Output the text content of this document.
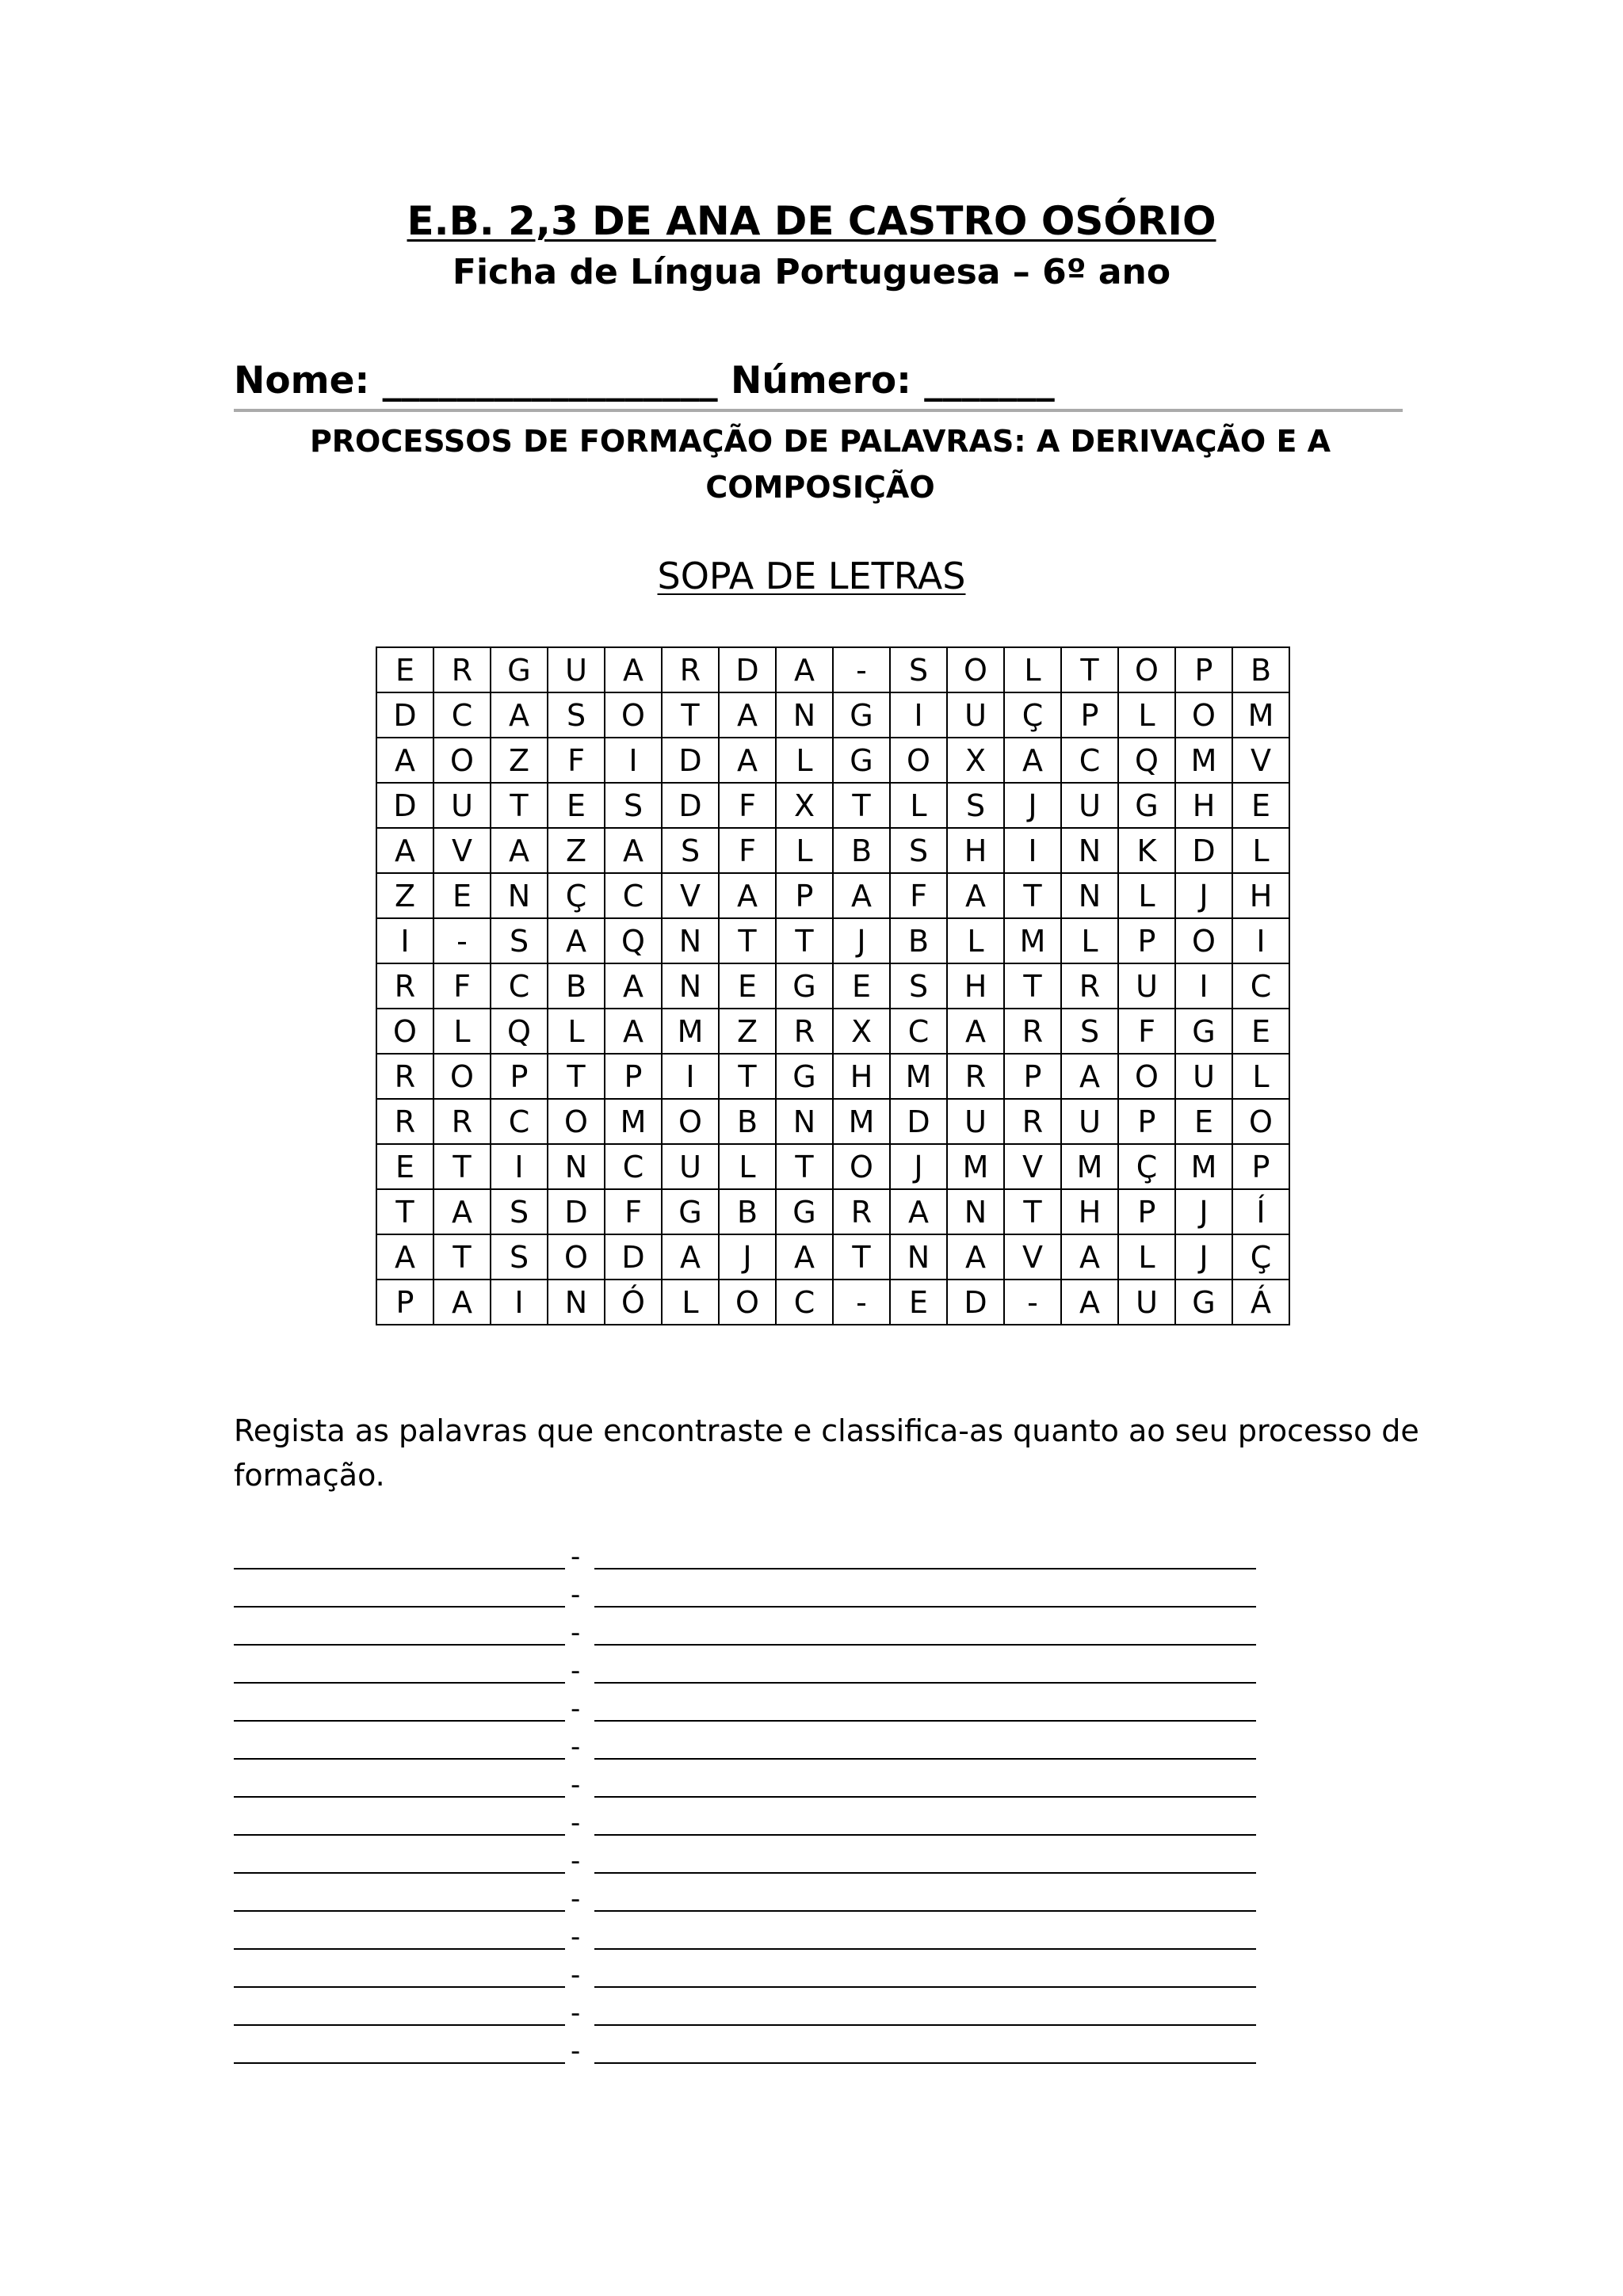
E.B. 2,3 DE ANA DE CASTRO OSÓRIO
Ficha de Língua Portuguesa – 6º ano
Nome: __________________ Número: _______
PROCESSOS DE FORMAÇÃO DE PALAVRAS: A DERIVAÇÃO E A COMPOSIÇÃO
SOPA DE LETRAS
E	R	G	U	A	R	D	A	-	S	O	L	T	O	P	B
D	C	A	S	O	T	A	N	G	I	U	Ç	P	L	O	M
A	O	Z	F	I	D	A	L	G	O	X	A	C	Q	M	V
D	U	T	E	S	D	F	X	T	L	S	J	U	G	H	E
A	V	A	Z	A	S	F	L	B	S	H	I	N	K	D	L
Z	E	N	Ç	C	V	A	P	A	F	A	T	N	L	J	H
I	-	S	A	Q	N	T	T	J	B	L	M	L	P	O	I
R	F	C	B	A	N	E	G	E	S	H	T	R	U	I	C
O	L	Q	L	A	M	Z	R	X	C	A	R	S	F	G	E
R	O	P	T	P	I	T	G	H	M	R	P	A	O	U	L
R	R	C	O	M	O	B	N	M	D	U	R	U	P	E	O
E	T	I	N	C	U	L	T	O	J	M	V	M	Ç	M	P
T	A	S	D	F	G	B	G	R	A	N	T	H	P	J	Í
A	T	S	O	D	A	J	A	T	N	A	V	A	L	J	Ç
P	A	I	N	Ó	L	O	C	-	E	D	-	A	U	G	Á
Regista as palavras que encontraste e classifica-as quanto ao seu processo de formação.
-
-
-
-
-
-
-
-
-
-
-
-
-
-
